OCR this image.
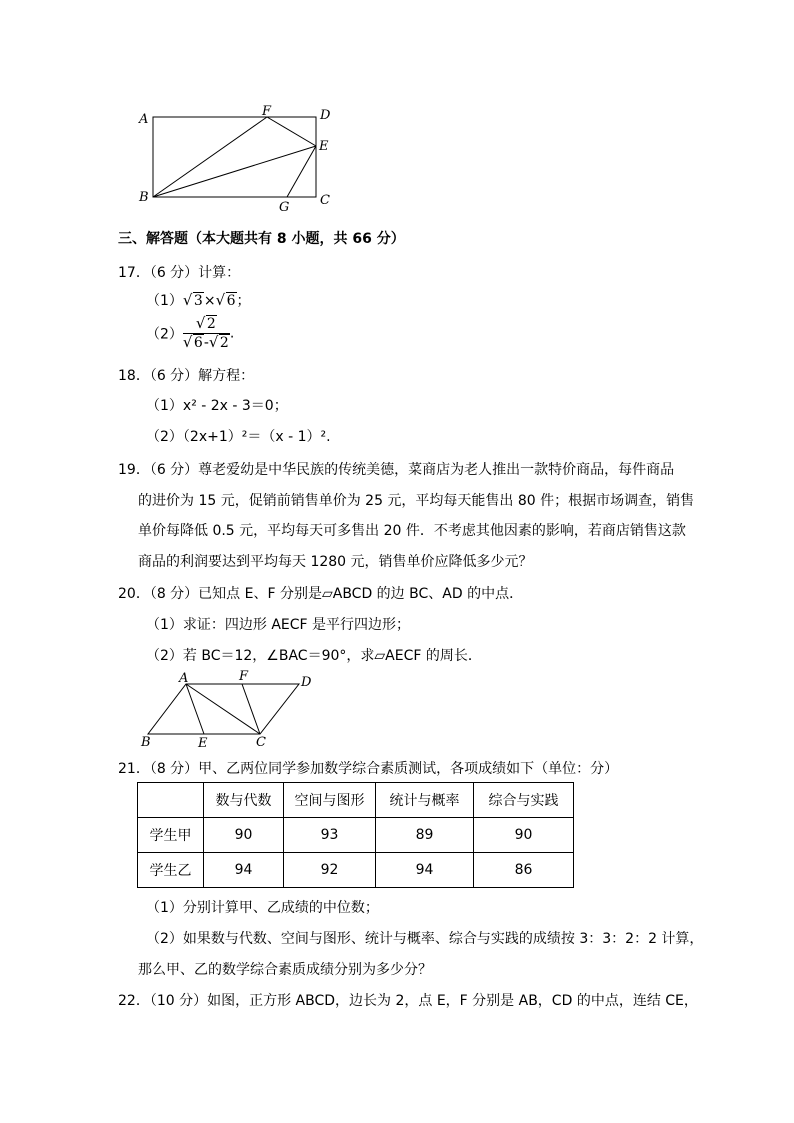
A
F	D
E
B
G C
三、解答题（本大题共有 8 小题，共 66 分）
17．（6 分）计算：
（1） √ 3× √ 6；
（2） √ 2
√ 6- √ 2 .
18．（6 分）解方程：
（1）x² - 2x - 3＝0；
（2）（2x+1）²＝（x - 1）².
19．（6 分）尊老爱幼是中华民族的传统美德，菜商店为老人推出一款特价商品，每件商品
的进价为 15 元，促销前销售单价为 25 元，平均每天能售出 80 件；根据市场调查，销售
单价每降低 0.5 元，平均每天可多售出 20 件．不考虑其他因素的影响，若商店销售这款
商品的利润要达到平均每天 1280 元，销售单价应降低多少元？
20．（8 分）已知点 E、F 分别是▱ABCD 的边 BC、AD 的中点．
（1）求证：四边形 AECF 是平行四边形；
（2）若 BC＝12，∠BAC＝90°，求▱AECF 的周长．
A	F	D
B	E	C
21．（8 分）甲、乙两位同学参加数学综合素质测试，各项成绩如下（单位：分）
	数与代数	空间与图形	统计与概率	综合与实践
学生甲	90	93	89	90
学生乙	94	92	94	86
（1）分别计算甲、乙成绩的中位数；
（2）如果数与代数、空间与图形、统计与概率、综合与实践的成绩按 3：3：2：2 计算，
那么甲、乙的数学综合素质成绩分别为多少分？
22．（10 分）如图，正方形 ABCD，边长为 2，点 E，F 分别是 AB，CD 的中点，连结 CE，
